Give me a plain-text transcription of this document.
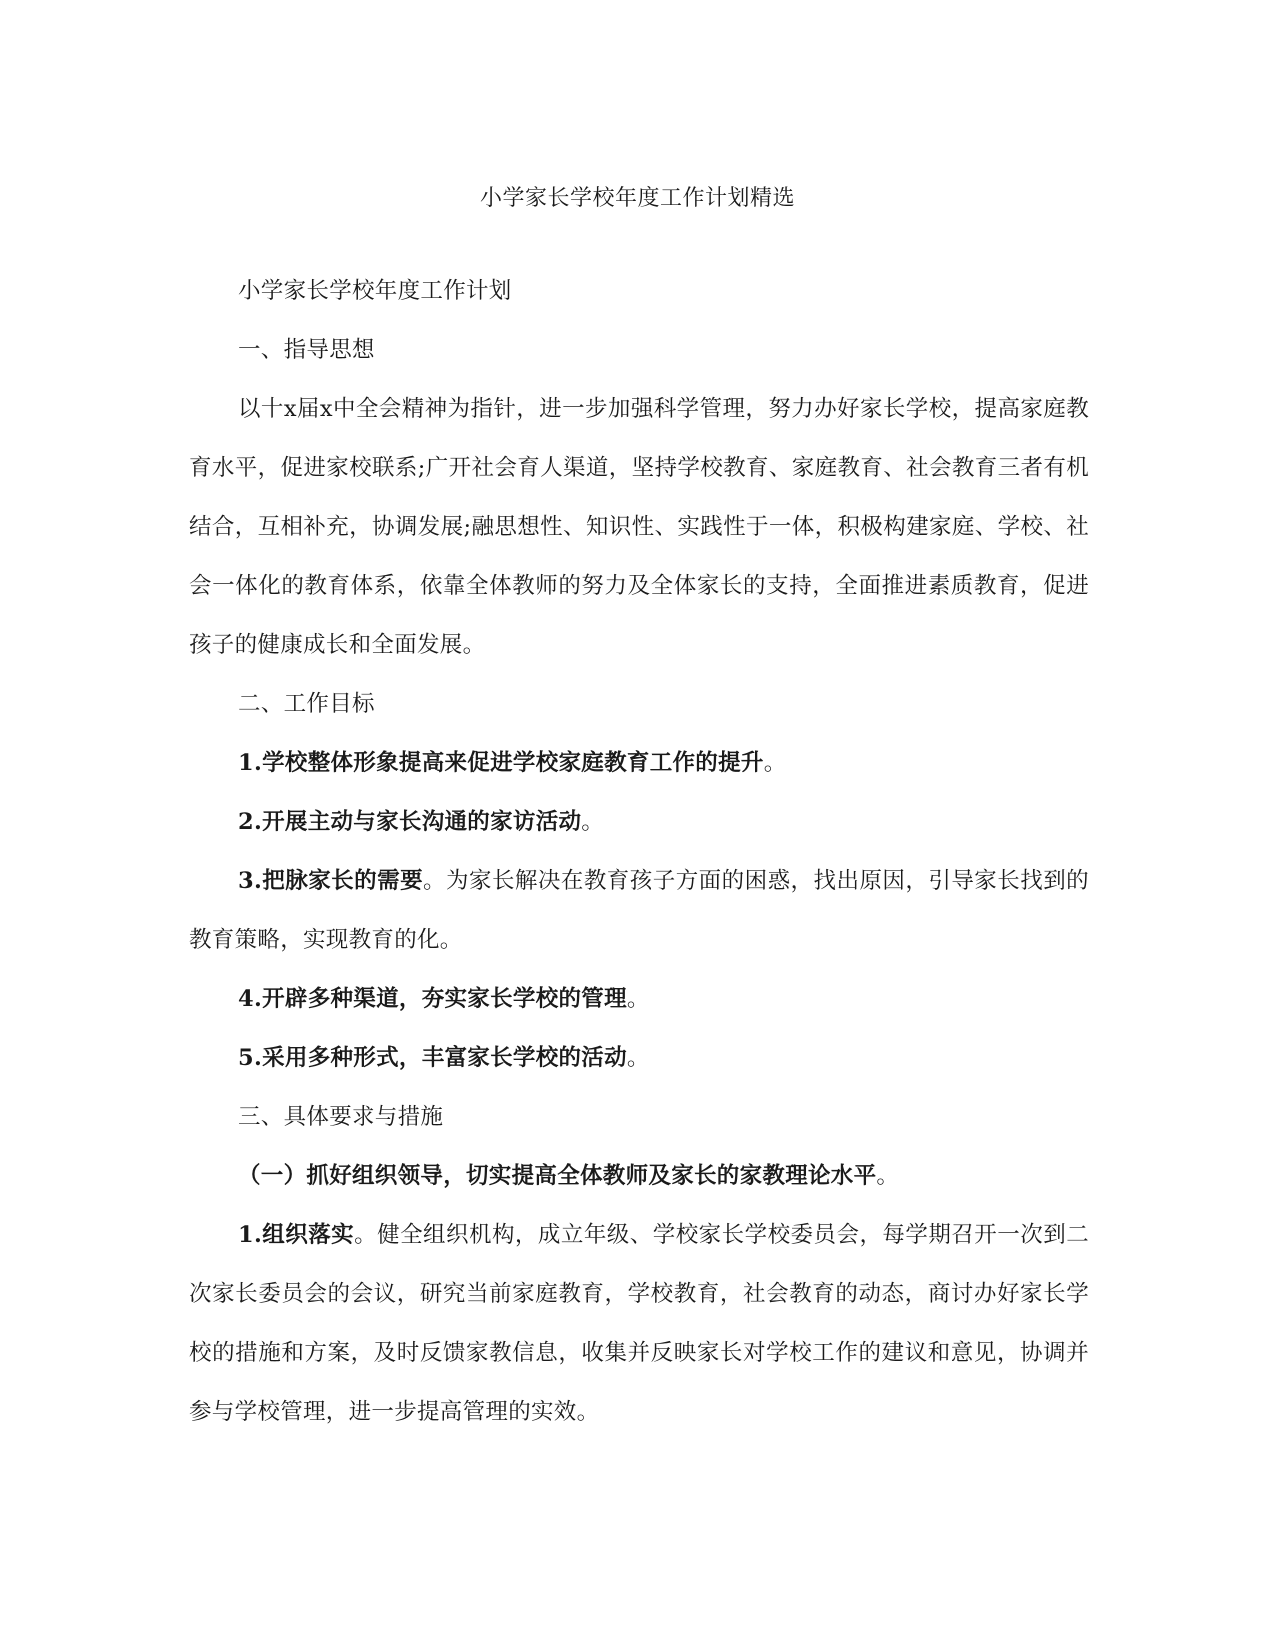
小学家长学校年度工作计划精选

小学家长学校年度工作计划

一、指导思想

以十x届x中全会精神为指针，进一步加强科学管理，努力办好家长学校，提高家庭教育水平，促进家校联系;广开社会育人渠道，坚持学校教育、家庭教育、社会教育三者有机结合，互相补充，协调发展;融思想性、知识性、实践性于一体，积极构建家庭、学校、社会一体化的教育体系，依靠全体教师的努力及全体家长的支持，全面推进素质教育，促进孩子的健康成长和全面发展。

二、工作目标

1.学校整体形象提高来促进学校家庭教育工作的提升。

2.开展主动与家长沟通的家访活动。

3.把脉家长的需要。为家长解决在教育孩子方面的困惑，找出原因，引导家长找到的教育策略，实现教育的化。

4.开辟多种渠道，夯实家长学校的管理。

5.采用多种形式，丰富家长学校的活动。

三、具体要求与措施

（一）抓好组织领导，切实提高全体教师及家长的家教理论水平。

1.组织落实。健全组织机构，成立年级、学校家长学校委员会，每学期召开一次到二次家长委员会的会议，研究当前家庭教育，学校教育，社会教育的动态，商讨办好家长学校的措施和方案，及时反馈家教信息，收集并反映家长对学校工作的建议和意见，协调并参与学校管理，进一步提高管理的实效。
